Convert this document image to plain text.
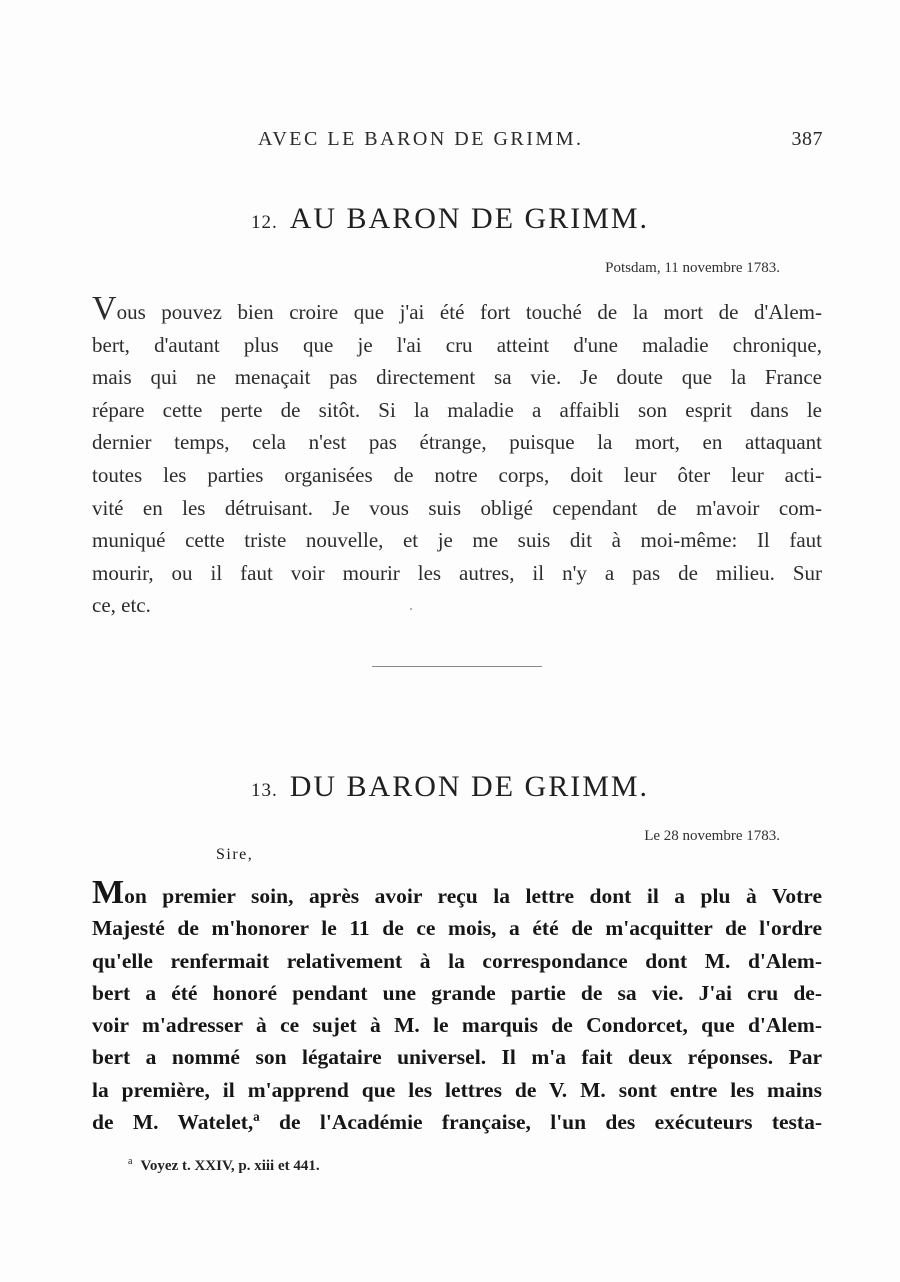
AVEC LE BARON DE GRIMM.	387
12. AU BARON DE GRIMM.
Potsdam, 11 novembre 1783.
Vous pouvez bien croire que j'ai été fort touché de la mort de d'Alem-
bert, d'autant plus que je l'ai cru atteint d'une maladie chronique,
mais qui ne menaçait pas directement sa vie. Je doute que la France
répare cette perte de sitôt. Si la maladie a affaibli son esprit dans le
dernier temps, cela n'est pas étrange, puisque la mort, en attaquant
toutes les parties organisées de notre corps, doit leur ôter leur acti-
vité en les détruisant. Je vous suis obligé cependant de m'avoir com-
muniqué cette triste nouvelle, et je me suis dit à moi-même: Il faut
mourir, ou il faut voir mourir les autres, il n'y a pas de milieu. Sur
ce, etc.
13. DU BARON DE GRIMM.
Le 28 novembre 1783.
Sire,
Mon premier soin, après avoir reçu la lettre dont il a plu à Votre
Majesté de m'honorer le 11 de ce mois, a été de m'acquitter de l'ordre
qu'elle renfermait relativement à la correspondance dont M. d'Alem-
bert a été honoré pendant une grande partie de sa vie. J'ai cru de-
voir m'adresser à ce sujet à M. le marquis de Condorcet, que d'Alem-
bert a nommé son légataire universel. Il m'a fait deux réponses. Par
la première, il m'apprend que les lettres de V. M. sont entre les mains
de M. Watelet,ª de l'Académie française, l'un des exécuteurs testa-
$^a$ Voyez t. XXIV, p. xiii et 441.
